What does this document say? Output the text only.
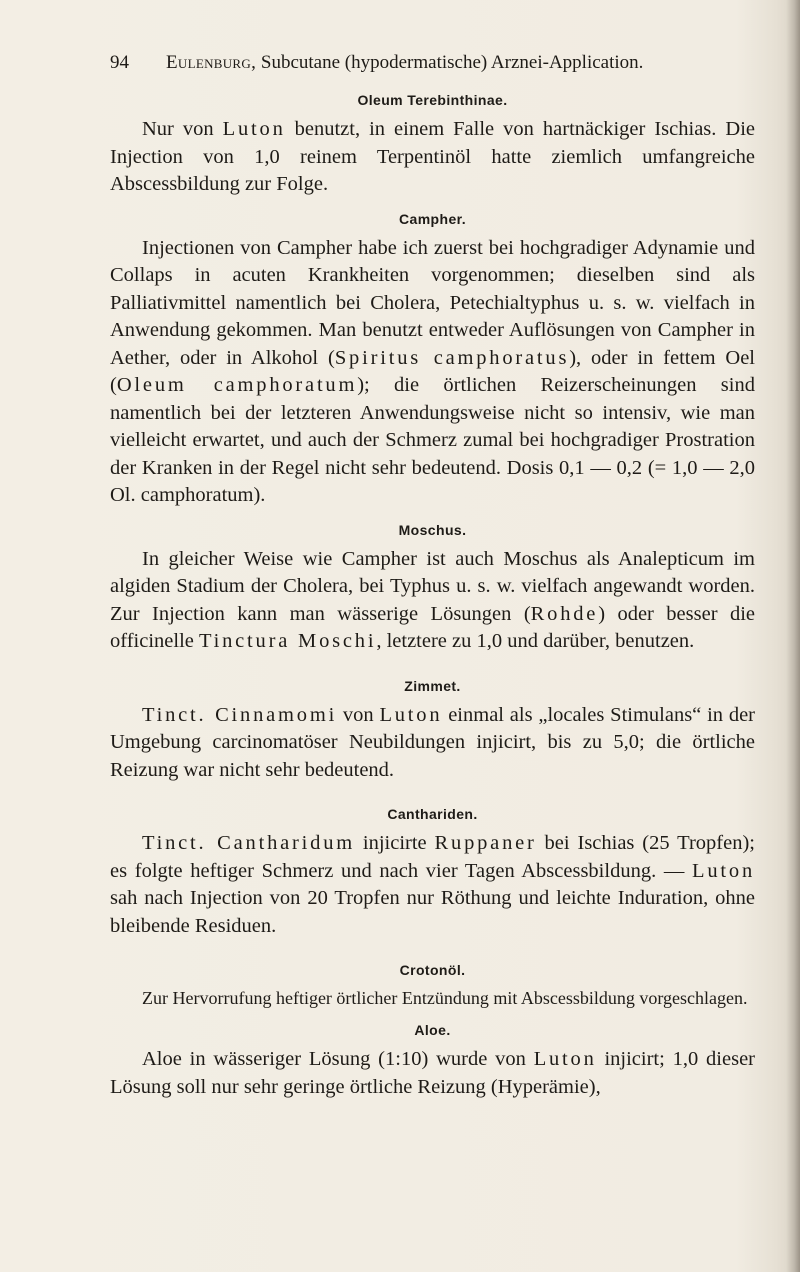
94	Eulenburg,
Subcutane (hypodermatische) Arznei-Application.
Oleum Terebinthinae.

Nur von Luton benutzt, in einem Falle von hartnäckiger Ischias. Die Injection von 1,0 reinem Terpentinöl hatte ziemlich umfangreiche Abscessbildung zur Folge.

Campher.

Injectionen von Campher habe ich zuerst bei hochgradiger Adynamie und Collaps in acuten Krankheiten vorgenommen; dieselben sind als Palliativmittel namentlich bei Cholera, Petechialtyphus u. s. w. vielfach in Anwendung gekommen. Man benutzt entweder Auflösungen von Campher in Aether, oder in Alkohol (Spiritus camphoratus), oder in fettem Oel (Oleum camphoratum); die örtlichen Reizerscheinungen sind namentlich bei der letzteren Anwendungsweise nicht so intensiv, wie man vielleicht erwartet, und auch der Schmerz zumal bei hochgradiger Prostration der Kranken in der Regel nicht sehr bedeutend. Dosis 0,1 — 0,2 (= 1,0 — 2,0 Ol. camphoratum).

Moschus.

In gleicher Weise wie Campher ist auch Moschus als Analepticum im algiden Stadium der Cholera, bei Typhus u. s. w. vielfach angewandt worden. Zur Injection kann man wässerige Lösungen (Rohde) oder besser die officinelle Tinctura Moschi, letztere zu 1,0 und darüber, benutzen.

Zimmet.

Tinct. Cinnamomi von Luton einmal als „locales Stimulans“ in der Umgebung carcinomatöser Neubildungen injicirt, bis zu 5,0; die örtliche Reizung war nicht sehr bedeutend.

Canthariden.

Tinct. Cantharidum injicirte Ruppaner bei Ischias (25 Tropfen); es folgte heftiger Schmerz und nach vier Tagen Abscessbildung. — Luton sah nach Injection von 20 Tropfen nur Röthung und leichte Induration, ohne bleibende Residuen.

Crotonöl.

Zur Hervorrufung heftiger örtlicher Entzündung mit Abscessbildung vorgeschlagen.

Aloe.

Aloe in wässeriger Lösung (1:10) wurde von Luton injicirt; 1,0 dieser Lösung soll nur sehr geringe örtliche Reizung (Hyperämie),
